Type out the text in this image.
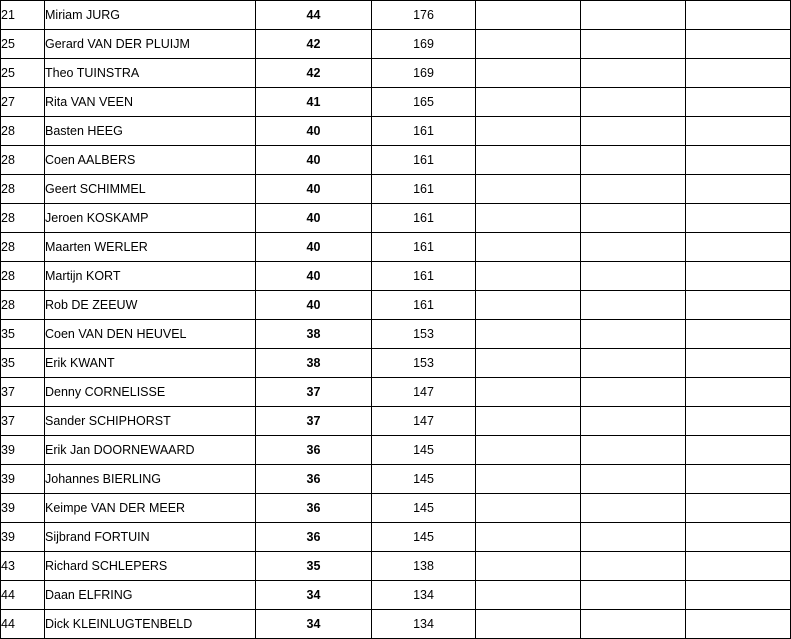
21	Miriam JURG	44	176			
25	Gerard VAN DER PLUIJM	42	169			
25	Theo TUINSTRA	42	169			
27	Rita VAN VEEN	41	165			
28	Basten HEEG	40	161			
28	Coen AALBERS	40	161			
28	Geert SCHIMMEL	40	161			
28	Jeroen KOSKAMP	40	161			
28	Maarten WERLER	40	161			
28	Martijn KORT	40	161			
28	Rob DE ZEEUW	40	161			
35	Coen VAN DEN HEUVEL	38	153			
35	Erik KWANT	38	153			
37	Denny CORNELISSE	37	147			
37	Sander SCHIPHORST	37	147			
39	Erik Jan DOORNEWAARD	36	145			
39	Johannes BIERLING	36	145			
39	Keimpe VAN DER MEER	36	145			
39	Sijbrand FORTUIN	36	145			
43	Richard SCHLEPERS	35	138			
44	Daan ELFRING	34	134			
44	Dick KLEINLUGTENBELD	34	134			
